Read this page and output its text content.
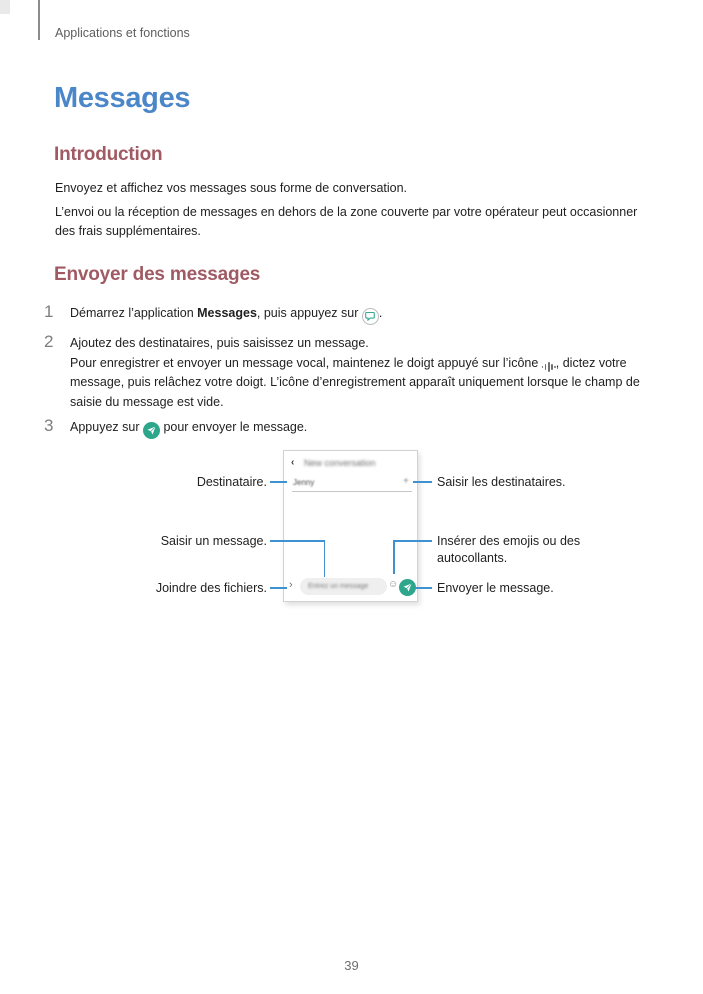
Applications et fonctions
Messages
Introduction
Envoyez et affichez vos messages sous forme de conversation.
L’envoi ou la réception de messages en dehors de la zone couverte par votre opérateur peut occasionner des frais supplémentaires.
Envoyer des messages
1 Démarrez l’application Messages, puis appuyez sur
.
2 Ajoutez des destinataires, puis saisissez un message.
Pour enregistrer et envoyer un message vocal, maintenez le doigt appuyé sur l’icône
, dictez votre message, puis relâchez votre doigt. L’icône d’enregistrement apparaît uniquement lorsque le champ de saisie du message est vide.
3 Appuyez sur
pour envoyer le message.
‹ New conversation
Jenny	+
› Entrez un message ☺
Destinataire.
Saisir un message.
Joindre des fichiers.
Saisir les destinataires.
Insérer des emojis ou des autocollants.
Envoyer le message.
39
